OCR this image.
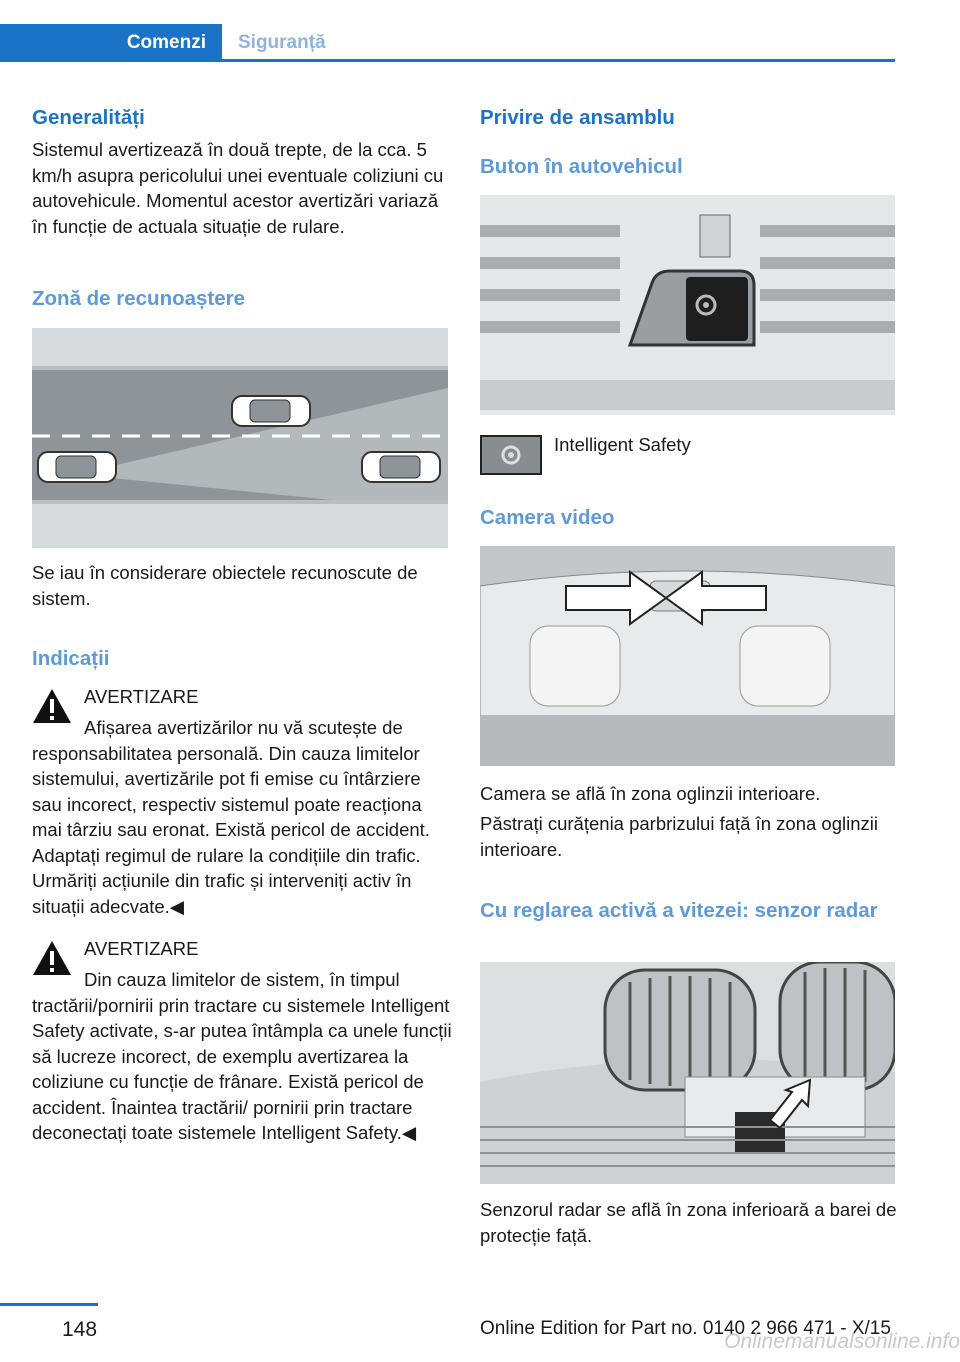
Comenzi Siguranță
Generalități

Sistemul avertizează în două trepte, de la cca. 5 km/h asupra pericolului unei eventuale coliziuni cu autovehicule. Momentul acestor avertizări variază în funcție de actuala situație de rulare.

Zonă de recunoaștere

Se iau în considerare obiectele recunoscute de sistem.

Indicații
AVERTIZARE

Afișarea avertizărilor nu vă scutește de responsabilitatea personală. Din cauza limitelor sistemului, avertizările pot fi emise cu întârziere sau incorect, respectiv sistemul poate reacționa mai târziu sau eronat. Există pericol de accident. Adaptați regimul de rulare la condițiile din trafic. Urmăriți acțiunile din trafic și interveniți activ în situații adecvate.◀

AVERTIZARE

Din cauza limitelor de sistem, în timpul tractării/pornirii prin tractare cu sistemele Intelligent Safety activate, s-ar putea întâmpla ca unele funcții să lucreze incorect, de exemplu avertizarea la coliziune cu funcție de frânare. Există pericol de accident. Înaintea tractării/ pornirii prin tractare deconectați toate sistemele Intelligent Safety.◀

Privire de ansamblu
Buton în autovehicul
Intelligent Safety
Camera video

Camera se află în zona oglinzii interioare.

Păstrați curățenia parbrizului față în zona oglinzii interioare.

Cu reglarea activă a vitezei: senzor radar

Senzorul radar se află în zona inferioară a barei de protecție față.

148	Online Edition for Part no. 0140 2 966 471 - X/15
Onlinemanualsonline.info
